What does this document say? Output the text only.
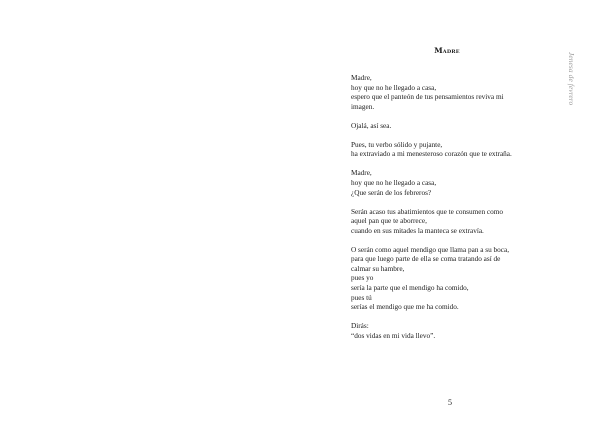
Madre
Jenesa de fevrero
Madre,
hoy que no he llegado a casa,
espero que el panteón de tus pensamientos reviva mi
imagen.
Ojalá, así sea.
Pues, tu verbo sólido y pujante,
ha extraviado a mi menesteroso corazón que te extraña.
Madre,
hoy que no he llegado a casa,
¿Que serán de los febreros?
Serán acaso tus abatimientos que te consumen como
aquel pan que te aborrece,
cuando en sus mitades la manteca se extravía.
O serán como aquel mendigo que llama pan a su boca,
para que luego parte de ella se coma tratando así de
calmar su hambre,
pues yo
sería la parte que el mendigo ha comido,
pues tú
serías el mendigo que me ha comido.
Dirás:
“dos vidas en mi vida llevo”.
5
